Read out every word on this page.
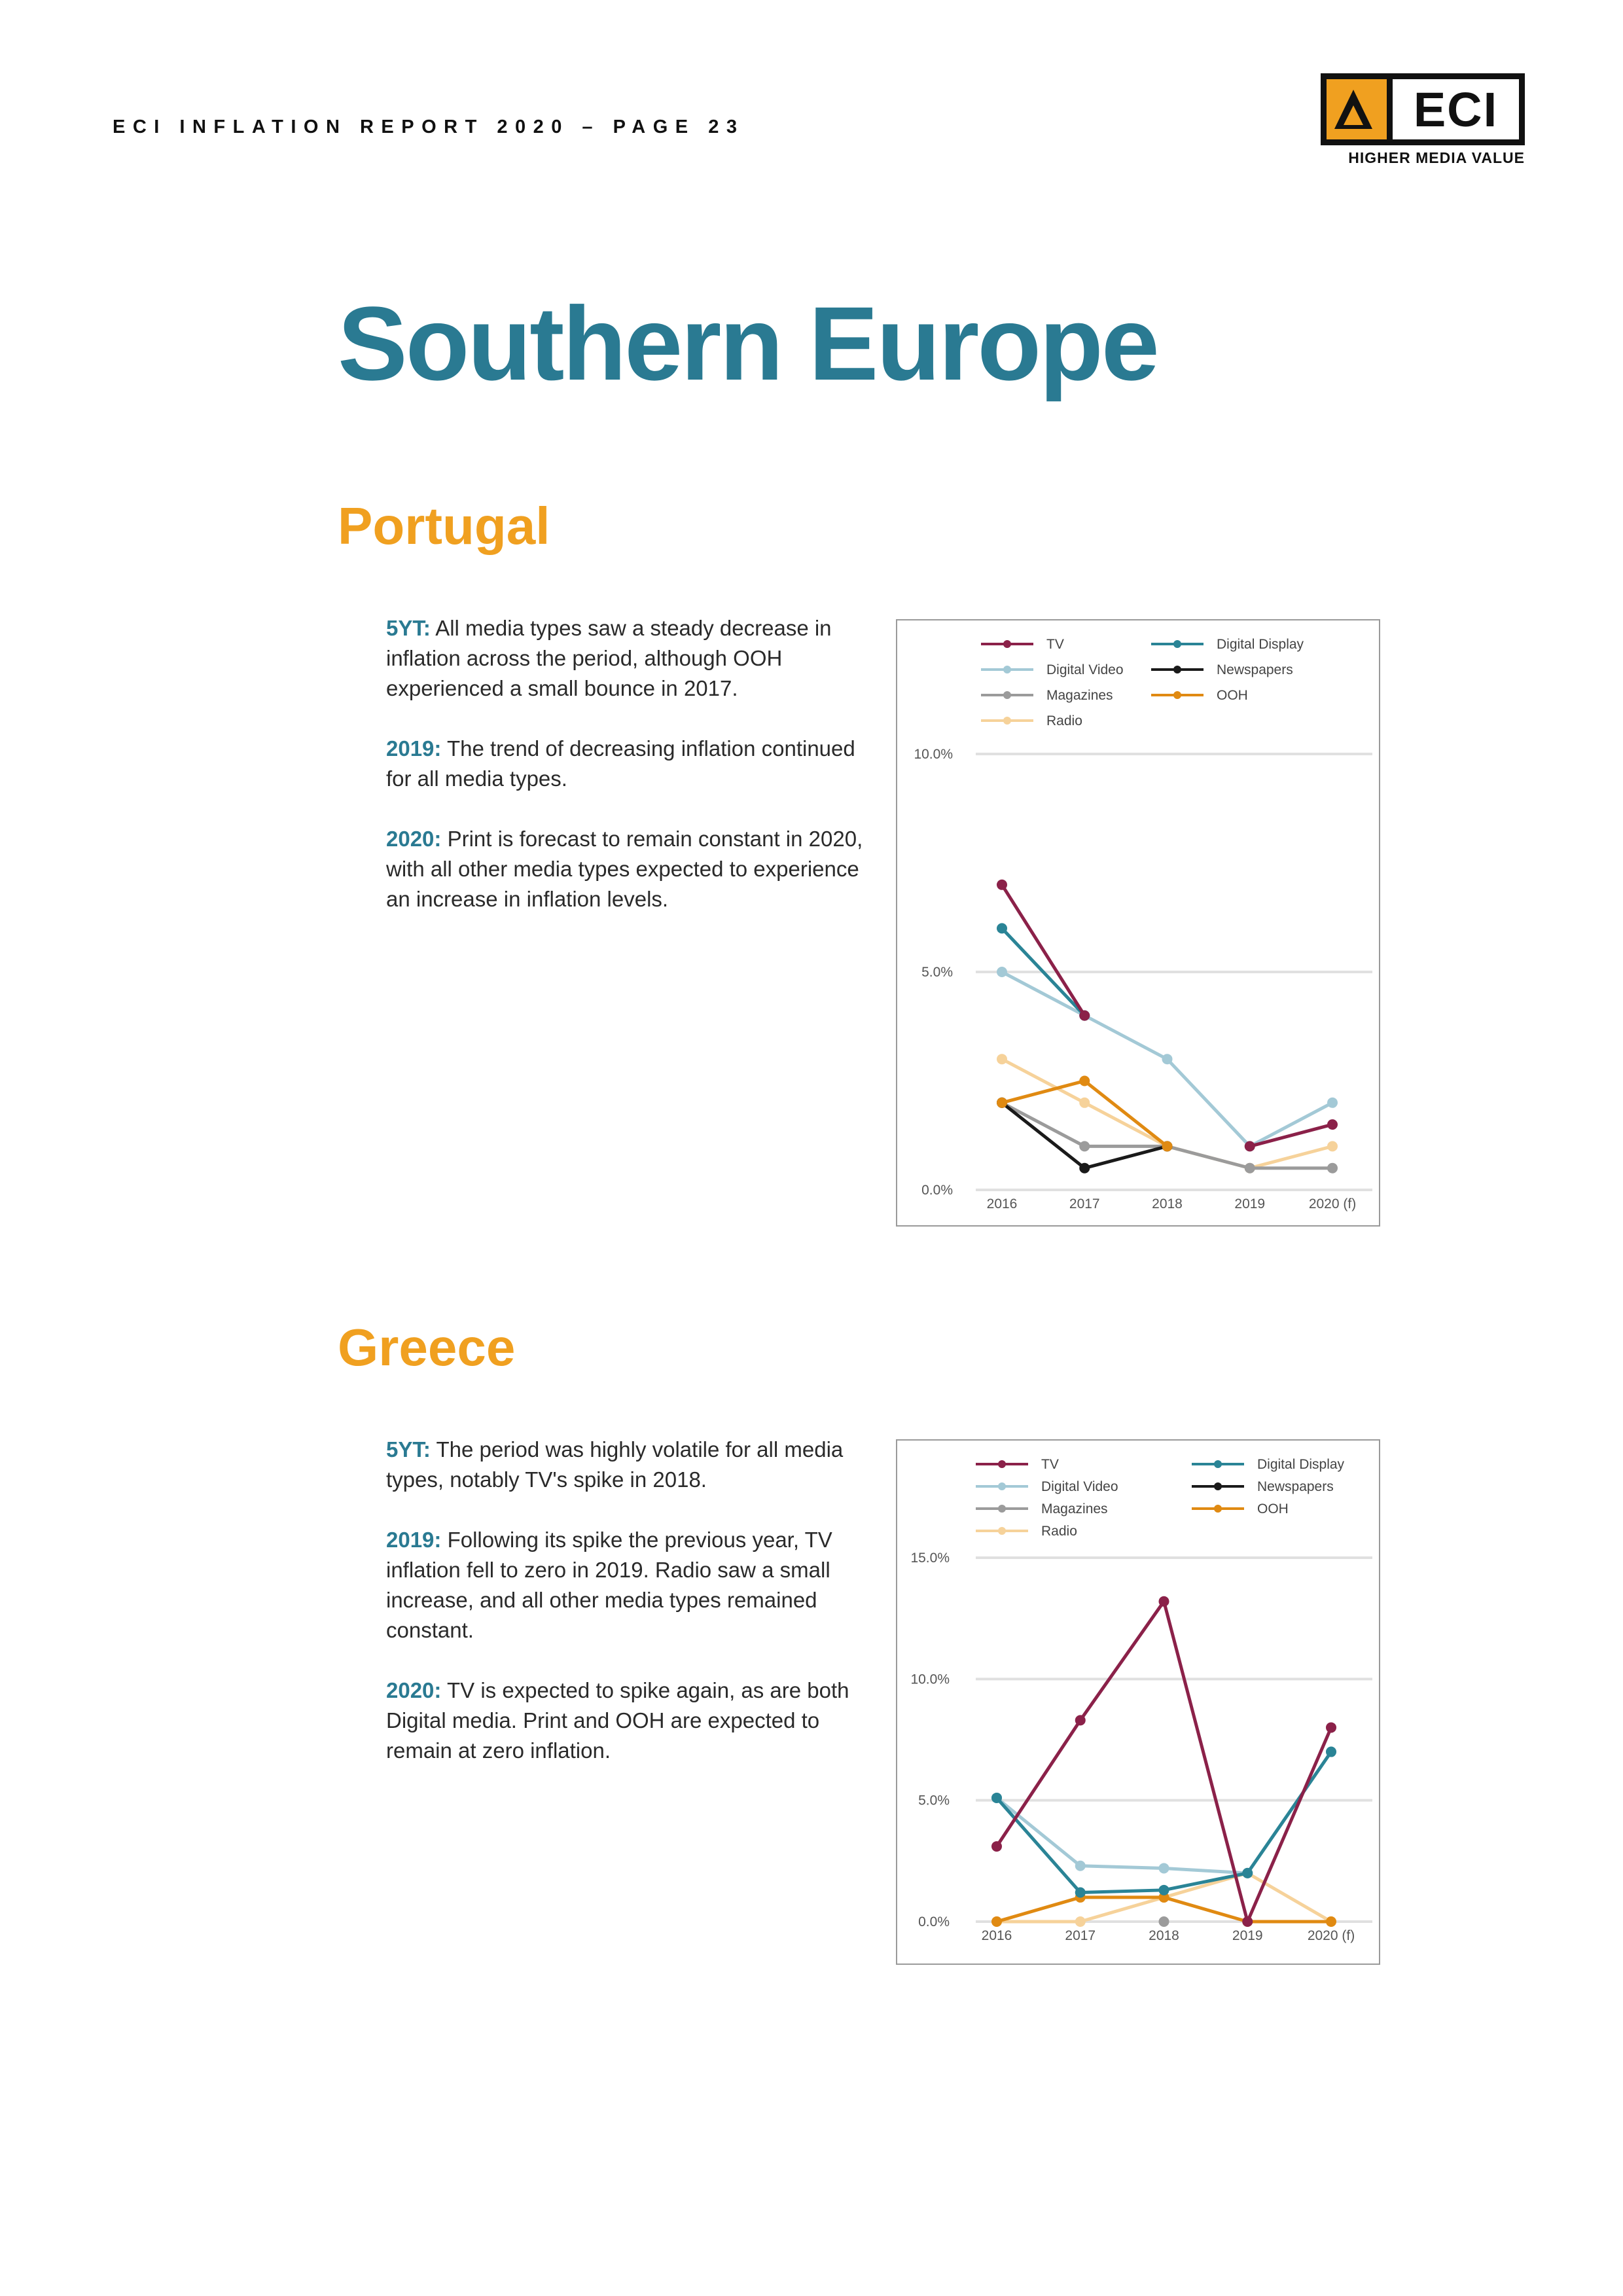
ECI INFLATION REPORT 2020 – PAGE 23	ECI
HIGHER MEDIA VALUE
Southern Europe
Portugal

5YT: All media types saw a steady decrease in inflation across the period, although OOH experienced a small bounce in 2017.

2019: The trend of decreasing inflation continued for all media types.

2020: Print is forecast to remain constant in 2020, with all other media types expected to experience an increase in inflation levels.

0.0%
5.0%
10.0%
2016	2017	2018	2019	2020 (f)
TV
Digital Video
Magazines
Radio
Digital Display
Newspapers
OOH
Greece

5YT: The period was highly volatile for all media types, notably TV's spike in 2018.

2019: Following its spike the previous year, TV inflation fell to zero in 2019. Radio saw a small increase, and all other media types remained constant.

2020: TV is expected to spike again, as are both Digital media. Print and OOH are expected to remain at zero inflation.

0.0%
5.0%
10.0%
15.0%
2016	2017	2018	2019	2020 (f)
TV
Digital Video
Magazines
Radio
Digital Display
Newspapers
OOH
